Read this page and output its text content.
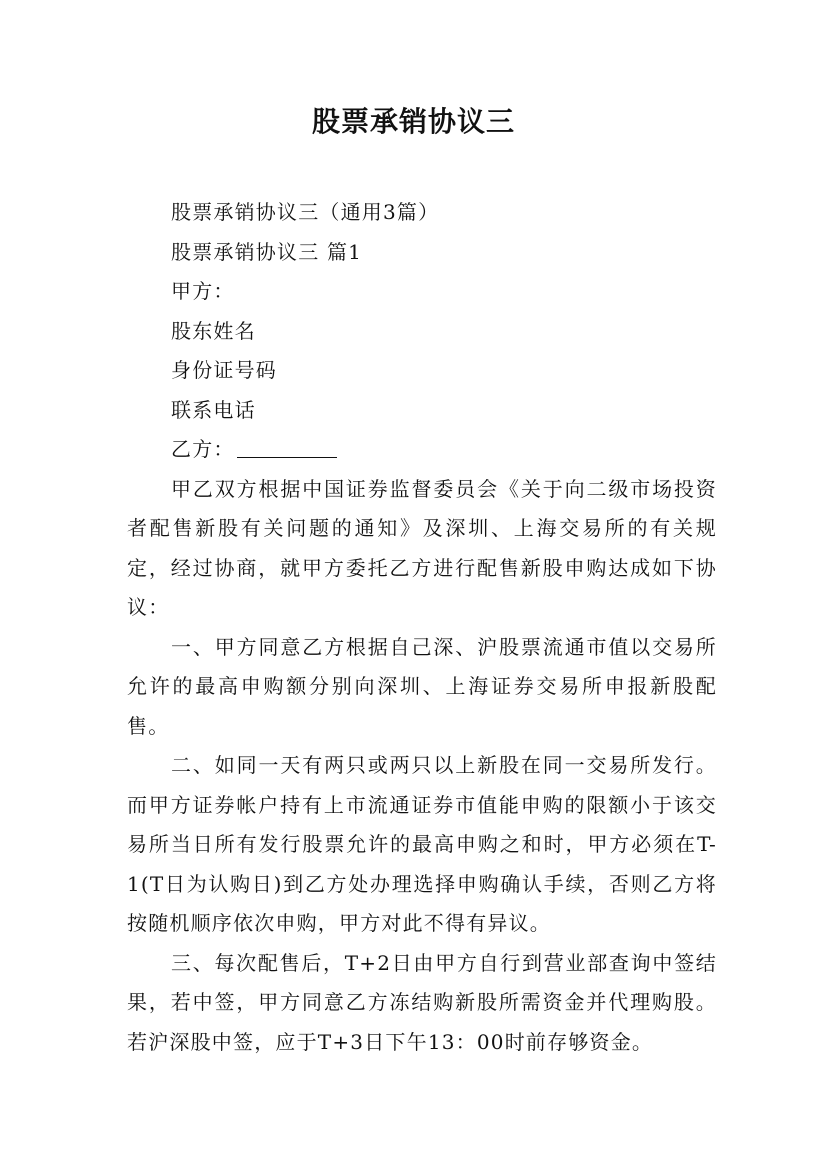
股票承销协议三

股票承销协议三（通用3篇）

股票承销协议三 篇1

甲方：

股东姓名

身份证号码

联系电话

乙方：

甲乙双方根据中国证券监督委员会《关于向二级市场投资者配售新股有关问题的通知》及深圳、上海交易所的有关规定，经过协商，就甲方委托乙方进行配售新股申购达成如下协议：

一、甲方同意乙方根据自己深、沪股票流通市值以交易所允许的最高申购额分别向深圳、上海证券交易所申报新股配售。

二、如同一天有两只或两只以上新股在同一交易所发行。而甲方证券帐户持有上市流通证券市值能申购的限额小于该交易所当日所有发行股票允许的最高申购之和时，甲方必须在T-1(T日为认购日)到乙方处办理选择申购确认手续，否则乙方将按随机顺序依次申购，甲方对此不得有异议。

三、每次配售后，T+2日由甲方自行到营业部查询中签结果，若中签，甲方同意乙方冻结购新股所需资金并代理购股。若沪深股中签，应于T+3日下午13：00时前存够资金。
